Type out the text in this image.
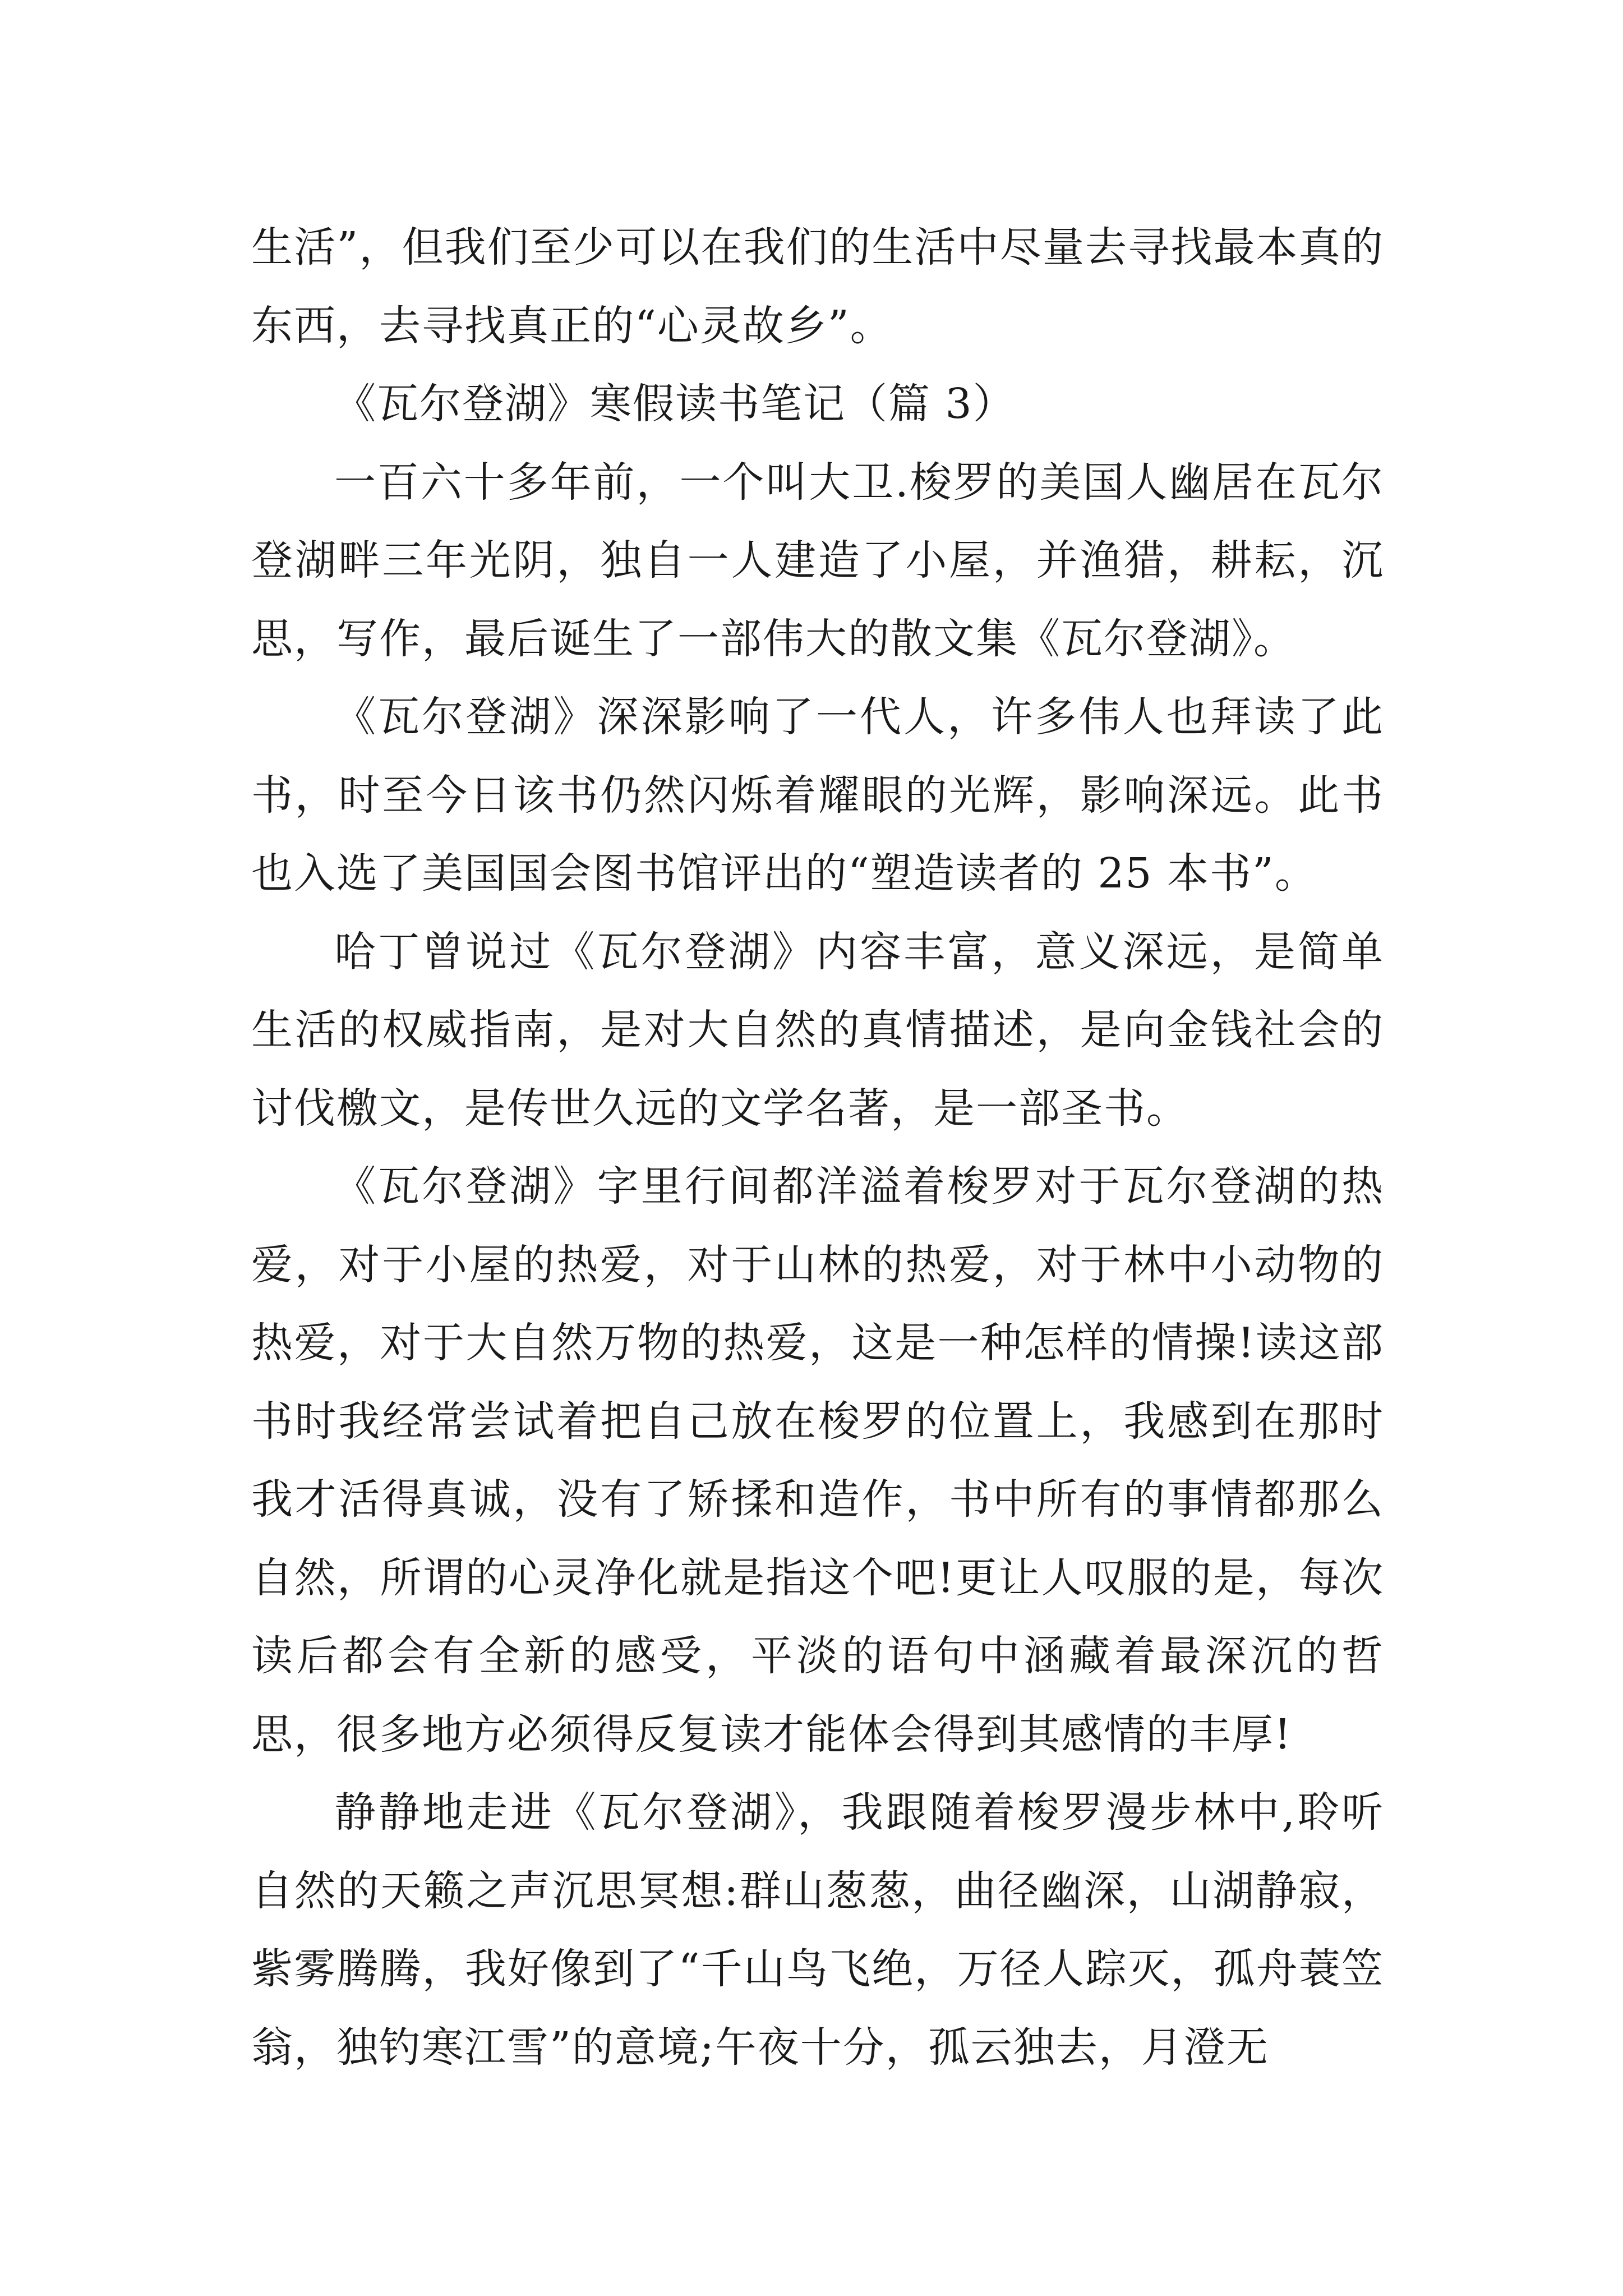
生活”，但我们至少可以在我们的生活中尽量去寻找最本真的东西，去寻找真正的“心灵故乡”。

《瓦尔登湖》寒假读书笔记（篇 3）

一百六十多年前，一个叫大卫.梭罗的美国人幽居在瓦尔登湖畔三年光阴，独自一人建造了小屋，并渔猎，耕耘，沉思，写作，最后诞生了一部伟大的散文集《瓦尔登湖》。

《瓦尔登湖》深深影响了一代人，许多伟人也拜读了此书，时至今日该书仍然闪烁着耀眼的光辉，影响深远。此书也入选了美国国会图书馆评出的“塑造读者的 25 本书”。

哈丁曾说过《瓦尔登湖》内容丰富，意义深远，是简单生活的权威指南，是对大自然的真情描述，是向金钱社会的讨伐檄文，是传世久远的文学名著，是一部圣书。

《瓦尔登湖》字里行间都洋溢着梭罗对于瓦尔登湖的热爱，对于小屋的热爱，对于山林的热爱，对于林中小动物的热爱，对于大自然万物的热爱，这是一种怎样的情操!读这部书时我经常尝试着把自己放在梭罗的位置上，我感到在那时我才活得真诚，没有了矫揉和造作，书中所有的事情都那么自然，所谓的心灵净化就是指这个吧!更让人叹服的是，每次读后都会有全新的感受，平淡的语句中涵藏着最深沉的哲思，很多地方必须得反复读才能体会得到其感情的丰厚!

静静地走进《瓦尔登湖》，我跟随着梭罗漫步林中,聆听自然的天籁之声沉思冥想:群山葱葱，曲径幽深，山湖静寂，紫雾腾腾，我好像到了“千山鸟飞绝，万径人踪灭，孤舟蓑笠翁，独钓寒江雪”的意境;午夜十分，孤云独去，月澄无
